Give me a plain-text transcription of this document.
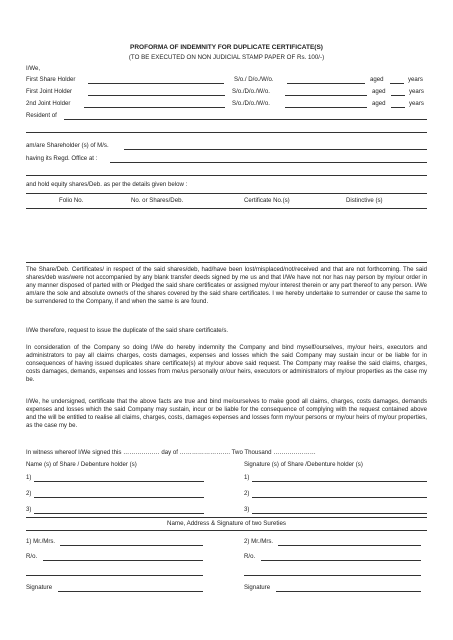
PROFORMA OF INDEMNITY FOR DUPLICATE CERTIFICATE(S)
(TO BE EXECUTED ON NON JUDICIAL STAMP PAPER OF Rs. 100/-)
I/We,
First Share Holder	S/o./ D/o./W/o.	aged	years
First Joint Holder	S/o./D/o./W/o.	aged	years
2nd Joint Holder	S/o./D/o./W/o.	aged	years
Resident of
am/are Shareholder (s) of M/s.
having its Regd. Office at :
and hold equity shares/Deb. as per the details given below :
Folio No.	No. or Shares/Deb.	Certificate No.(s)	Distinctive (s)
The Share/Deb. Certificates/ in respect of the said shares/deb, had/have been lost/misplaced/not/received and that are not forthcoming. The said shares/deb was/were not accompanied by any blank transfer deeds signed by me us and that I/We have not nor has nay person by my/our order in any manner disposed of parted with or Pledged the said share certificates or assigned my/our interest therein or any part thereof to any person. I/We am/are the sole and absolute owner/s of the shares covered by the said share certificates. I we hereby undertake to surrender or cause the same to be surrendered to the Company, if and when the same is are found.
I/We therefore, request to issue the duplicate of the said share certificate/s.
In consideration of the Company so doing I/We do hereby indemnity the Company and bind myself/ourselves, my/our heirs, executors and administrators to pay all claims charges, costs damages, expenses and losses which the said Company may sustain incur or be liable for in consequences of having issued duplicates share certificate(s) at my/our above said request. The Company may realise the said claims, charges, costs damages, demands, expenses and losses from me/us personally or/our heirs, executors or administrators of my/our properties as the case my be.
I/We, he undersigned, certificate that the above facts are true and bind me/ourselves to make good all claims, charges, costs damages, demands expenses and losses which the said Company may sustain, incur or be liable for the consequence of complying with the request contained above and the will be entitled to realise all claims, charges, costs, damages expenses and losses form my/our persons or my/our heirs of my/our properties, as the case my be.
In witness whereof I/We signed this ……………… day of ……………………. Two Thousand …………………
Name (s) of Share / Debenture holder (s)	Signature (s) of Share /Debenture holder (s)
1)	1)
2)	2)
3)	3)
Name, Address & Signature of two Sureties
1) Mr./Mrs.	2) Mr./Mrs.
R/o.	R/o.
Signature	Signature
